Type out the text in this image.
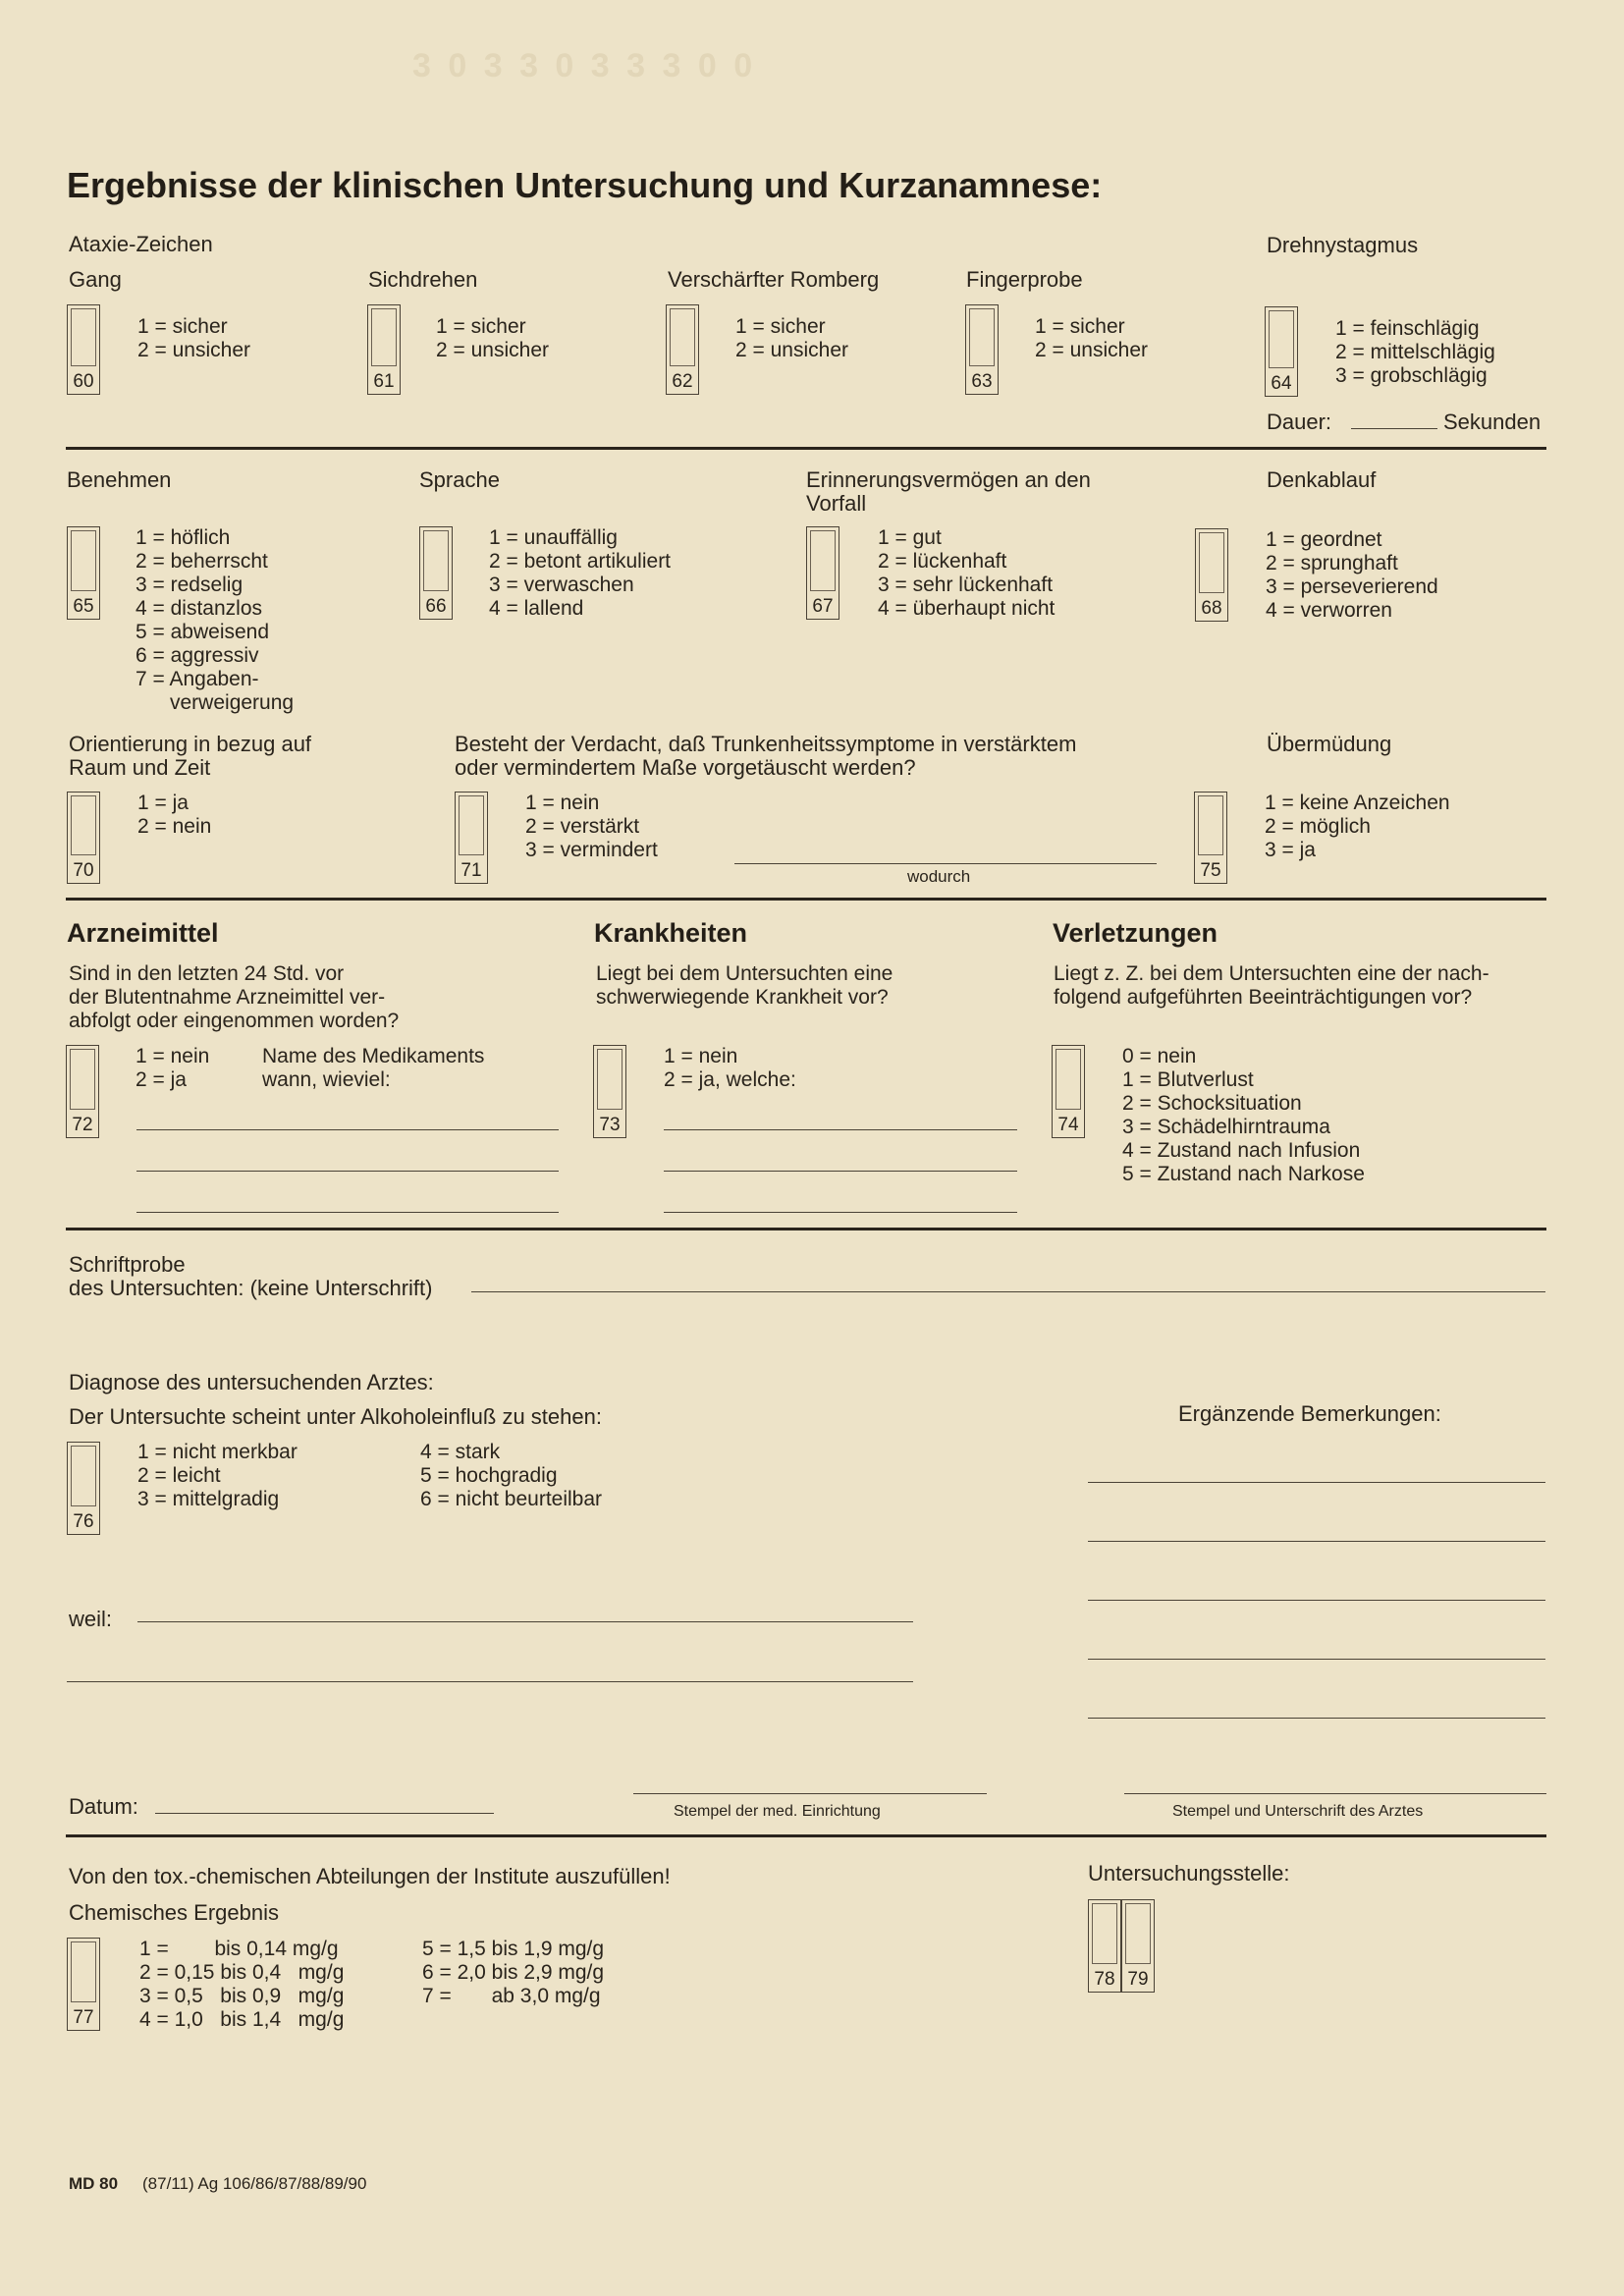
3 0 3 3 0 3 3 3 0 0
Ergebnisse der klinischen Untersuchung und Kurzanamnese:
Ataxie-Zeichen	Drehnystagmus
Gang	Sichdrehen	Verschärfter Romberg	Fingerprobe
60
1 = sicher
2 = unsicher
61
1 = sicher
2 = unsicher
62
1 = sicher
2 = unsicher
63
1 = sicher
2 = unsicher
64
1 = feinschlägig
2 = mittelschlägig
3 = grobschlägig
Dauer:	Sekunden
Benehmen	Sprache	Erinnerungsvermögen an den
Vorfall
Denkablauf
65
1 = höflich
2 = beherrscht
3 = redselig
4 = distanzlos
5 = abweisend
6 = aggressiv
7 = Angaben-
verweigerung
66
1 = unauffällig
2 = betont artikuliert
3 = verwaschen
4 = lallend	67
1 = gut
2 = lückenhaft
3 = sehr lückenhaft
4 = überhaupt nicht	68
1 = geordnet
2 = sprunghaft
3 = perseverierend
4 = verworren
Orientierung in bezug auf
Raum und Zeit
Besteht der Verdacht, daß Trunkenheitssymptome in verstärktem
oder vermindertem Maße vorgetäuscht werden?
Übermüdung
70
1 = ja
2 = nein
71
1 = nein
2 = verstärkt
3 = vermindert
wodurch	75
1 = keine Anzeichen
2 = möglich
3 = ja
Arzneimittel	Krankheiten	Verletzungen
Sind in den letzten 24 Std. vor
der Blutentnahme Arzneimittel ver-
abfolgt oder eingenommen worden?
Liegt bei dem Untersuchten eine
schwerwiegende Krankheit vor?
Liegt z. Z. bei dem Untersuchten eine der nach-
folgend aufgeführten Beeinträchtigungen vor?
72
1 = nein
2 = ja
Name des Medikaments
wann, wieviel:
73
1 = nein
2 = ja, welche:
74
0 = nein
1 = Blutverlust
2 = Schocksituation
3 = Schädelhirntrauma
4 = Zustand nach Infusion
5 = Zustand nach Narkose
Schriftprobe
des Untersuchten: (keine Unterschrift)
Diagnose des untersuchenden Arztes:
Der Untersuchte scheint unter Alkoholeinfluß zu stehen:	Ergänzende Bemerkungen:
76
1 = nicht merkbar
2 = leicht
3 = mittelgradig
4 = stark
5 = hochgradig
6 = nicht beurteilbar
weil:
Datum:	Stempel der med. Einrichtung	Stempel und Unterschrift des Arztes
Von den tox.-chemischen Abteilungen der Institute auszufüllen!	Untersuchungsstelle:
Chemisches Ergebnis
77
1 =        bis 0,14 mg/g
2 = 0,15 bis 0,4   mg/g
3 = 0,5   bis 0,9   mg/g
4 = 1,0   bis 1,4   mg/g
5 = 1,5 bis 1,9 mg/g
6 = 2,0 bis 2,9 mg/g
7 =       ab 3,0 mg/g
78 79
MD 80 (87/11) Ag 106/86/87/88/89/90
